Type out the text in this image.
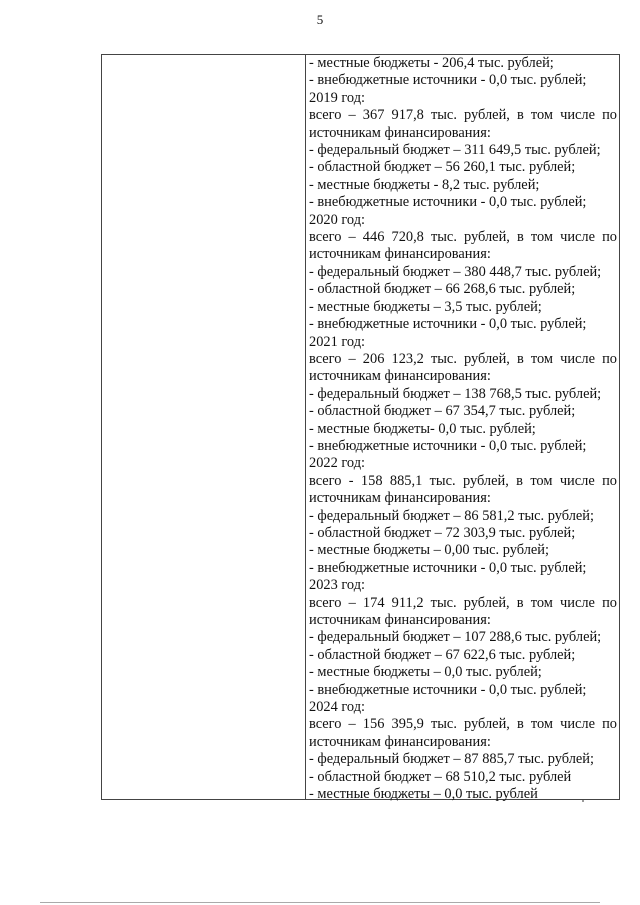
5
- местные бюджеты - 206,4 тыс. рублей;
- внебюджетные источники - 0,0 тыс. рублей;
2019 год:
всего – 367 917,8 тыс. рублей, в том числе по
источникам финансирования:
- федеральный бюджет – 311 649,5 тыс. рублей;
- областной бюджет – 56 260,1 тыс. рублей;
- местные бюджеты - 8,2 тыс. рублей;
- внебюджетные источники - 0,0 тыс. рублей;
2020 год:
всего – 446 720,8 тыс. рублей, в том числе по
источникам финансирования:
- федеральный бюджет – 380 448,7 тыс. рублей;
- областной бюджет – 66 268,6 тыс. рублей;
- местные бюджеты – 3,5 тыс. рублей;
- внебюджетные источники - 0,0 тыс. рублей;
2021 год:
всего – 206 123,2 тыс. рублей, в том числе по
источникам финансирования:
- федеральный бюджет – 138 768,5 тыс. рублей;
- областной бюджет – 67 354,7 тыс. рублей;
- местные бюджеты- 0,0 тыс. рублей;
- внебюджетные источники - 0,0 тыс. рублей;
2022 год:
всего - 158 885,1 тыс. рублей, в том числе по
источникам финансирования:
- федеральный бюджет – 86 581,2 тыс. рублей;
- областной бюджет – 72 303,9 тыс. рублей;
- местные бюджеты – 0,00 тыс. рублей;
- внебюджетные источники - 0,0 тыс. рублей;
2023 год:
всего – 174 911,2 тыс. рублей, в том числе по
источникам финансирования:
- федеральный бюджет – 107 288,6 тыс. рублей;
- областной бюджет – 67 622,6 тыс. рублей;
- местные бюджеты – 0,0 тыс. рублей;
- внебюджетные источники - 0,0 тыс. рублей;
2024 год:
всего – 156 395,9 тыс. рублей, в том числе по
источникам финансирования:
- федеральный бюджет – 87 885,7 тыс. рублей;
- областной бюджет – 68 510,2 тыс. рублей
- местные бюджеты – 0,0 тыс. рублей
